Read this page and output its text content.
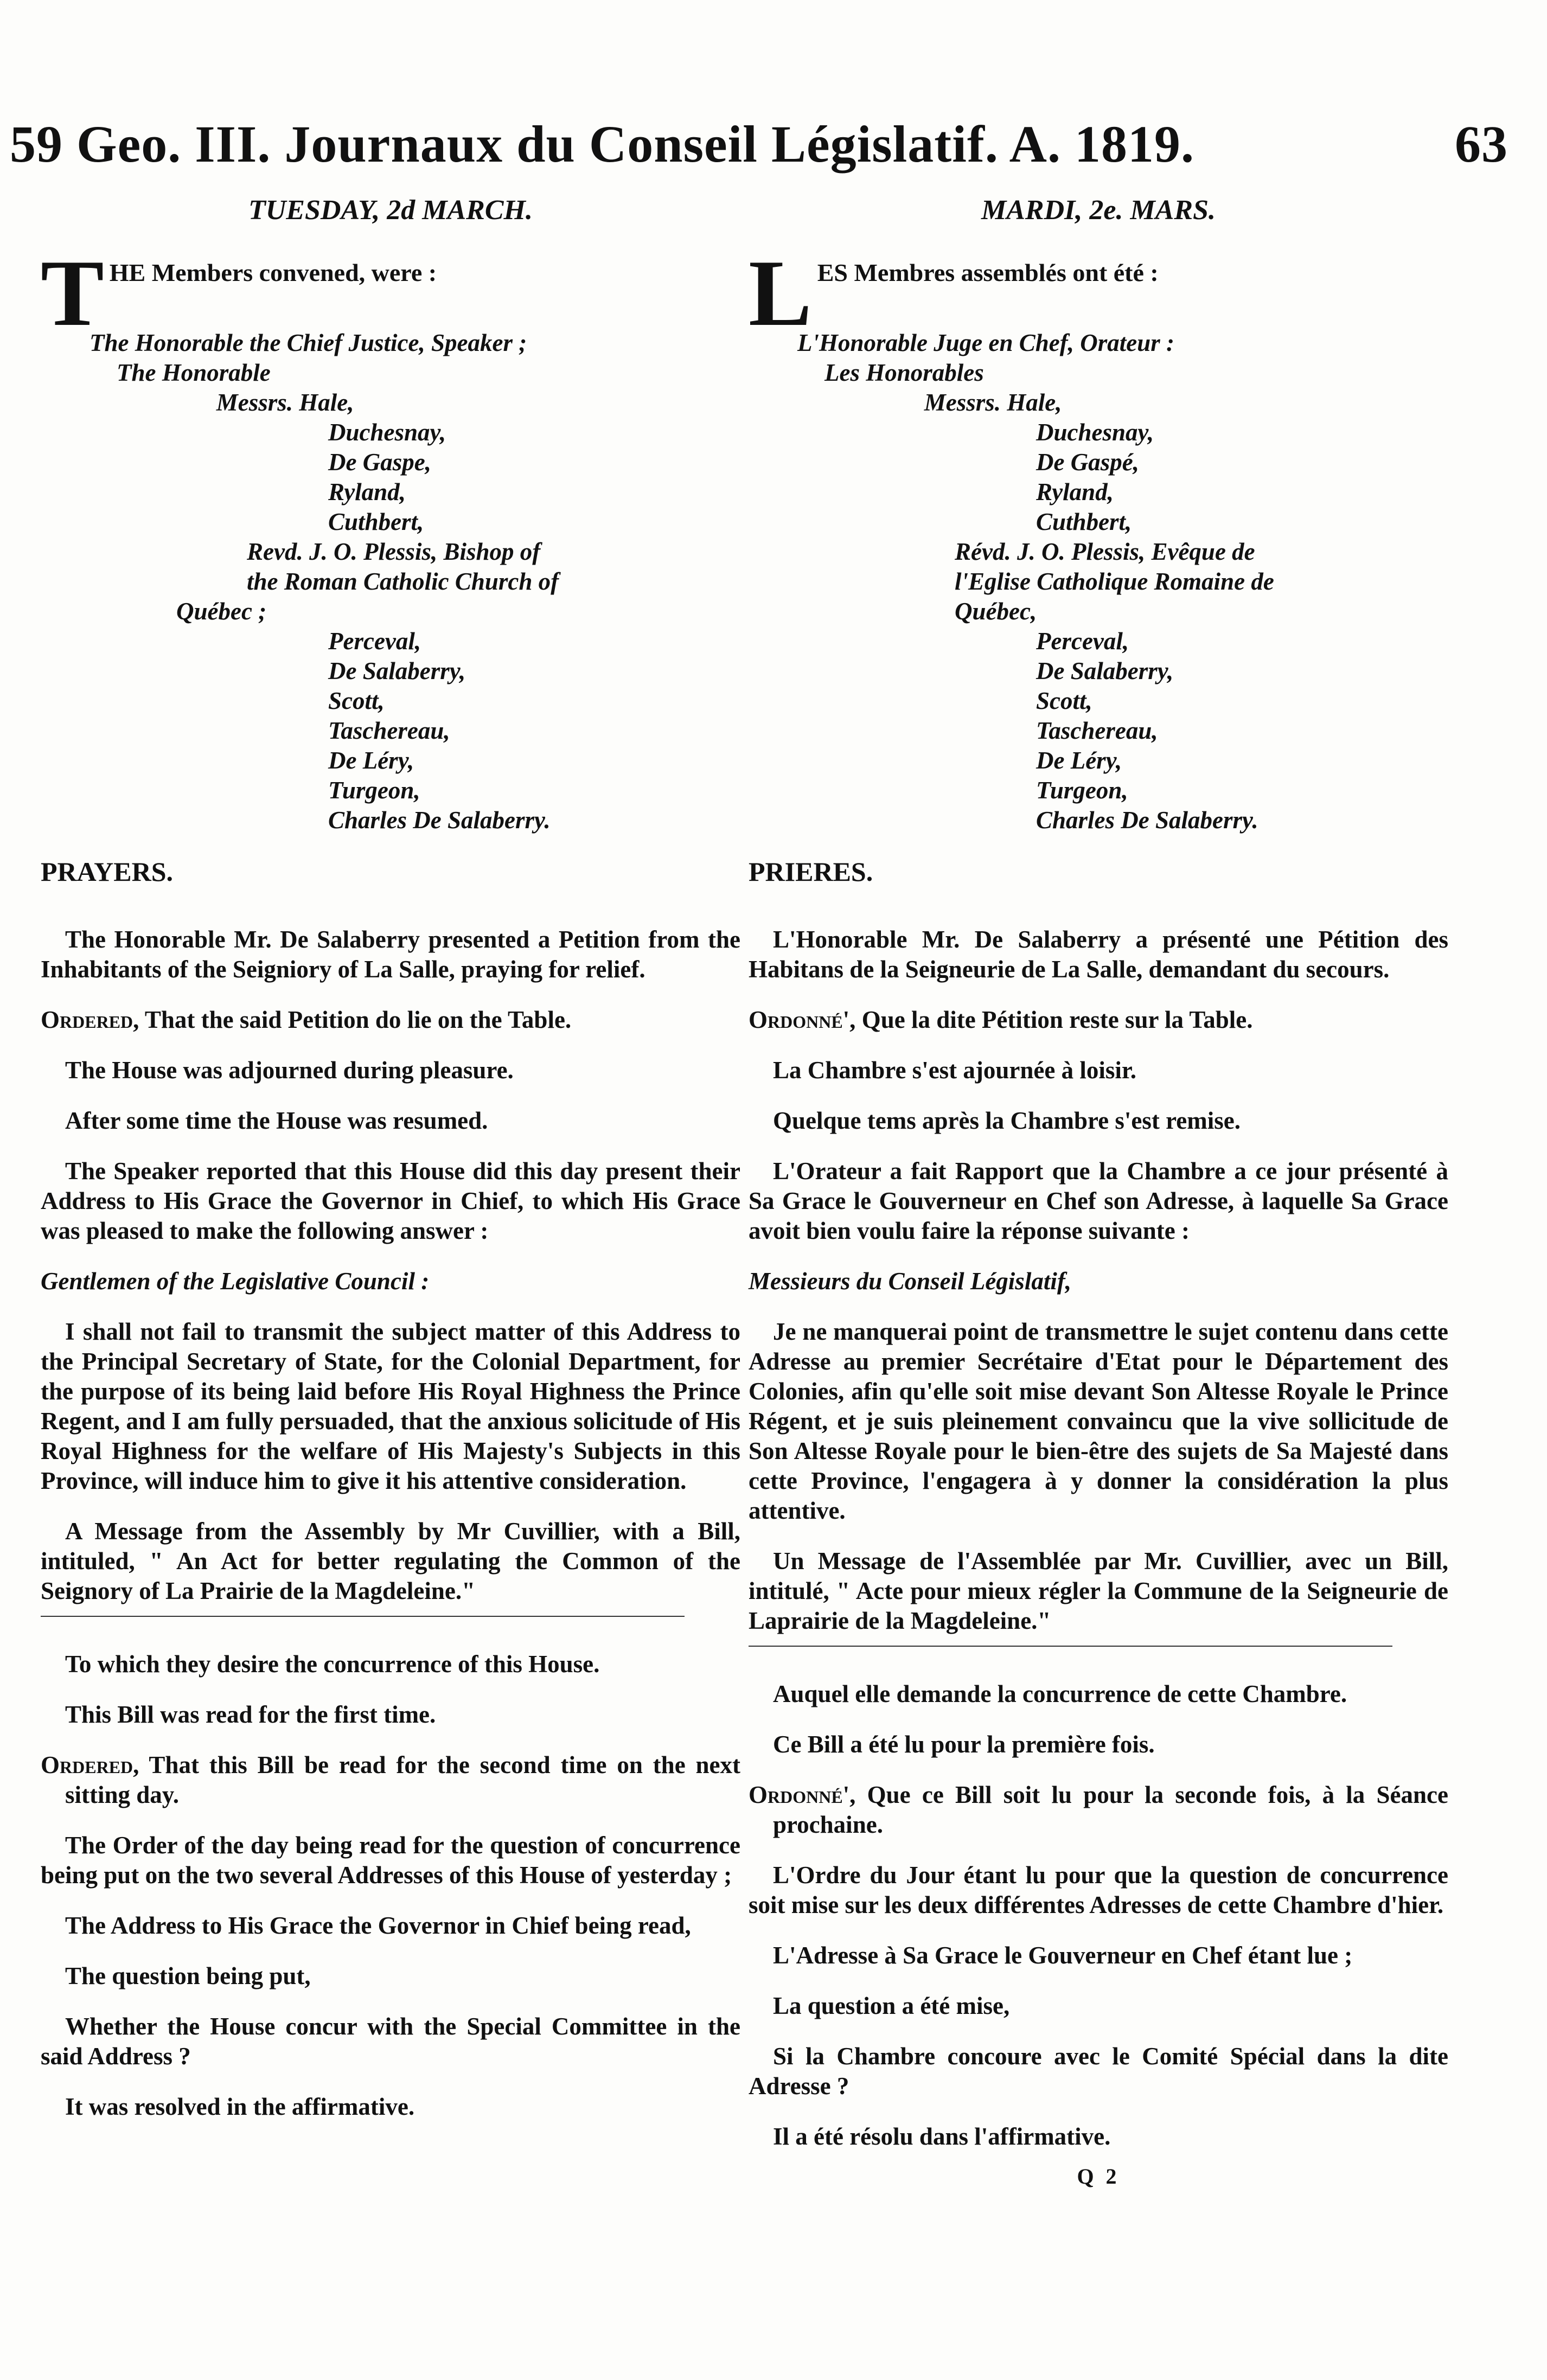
59 Geo. III. Journaux du Conseil Législatif. A. 1819.	63
TUESDAY, 2d MARCH.
THE Members convened, were :
The Honorable the Chief Justice, Speaker ;
The Honorable
Messrs. Hale,
Duchesnay,
De Gaspe,
Ryland,
Cuthbert,
Revd. J. O. Plessis, Bishop of
the Roman Catholic Church of
Québec ;
Perceval,
De Salaberry,
Scott,
Taschereau,
De Léry,
Turgeon,
Charles De Salaberry.
PRAYERS.

The Honorable Mr. De Salaberry presented a Petition from the Inhabitants of the Seigniory of La Salle, praying for relief.

Ordered, That the said Petition do lie on the Table.

The House was adjourned during pleasure.

After some time the House was resumed.

The Speaker reported that this House did this day present their Address to His Grace the Governor in Chief, to which His Grace was pleased to make the following answer :

Gentlemen of the Legislative Council :

I shall not fail to transmit the subject matter of this Address to the Principal Secretary of State, for the Colonial Department, for the purpose of its being laid before His Royal Highness the Prince Regent, and I am fully persuaded, that the anxious solicitude of His Royal Highness for the welfare of His Majesty's Subjects in this Province, will induce him to give it his attentive consideration.

A Message from the Assembly by Mr Cuvillier, with a Bill, intituled, " An Act for better regulating the Common of the Seignory of La Prairie de la Magdeleine."

To which they desire the concurrence of this House.

This Bill was read for the first time.

Ordered, That this Bill be read for the second time on the next sitting day.

The Order of the day being read for the question of concurrence being put on the two several Addresses of this House of yesterday ;

The Address to His Grace the Governor in Chief being read,

The question being put,

Whether the House concur with the Special Committee in the said Address ?

It was resolved in the affirmative.

MARDI, 2e. MARS.
LES Membres assemblés ont été :
L'Honorable Juge en Chef, Orateur :
Les Honorables
Messrs. Hale,
Duchesnay,
De Gaspé,
Ryland,
Cuthbert,
Révd. J. O. Plessis, Evêque de
l'Eglise Catholique Romaine de
Québec,
Perceval,
De Salaberry,
Scott,
Taschereau,
De Léry,
Turgeon,
Charles De Salaberry.
PRIERES.

L'Honorable Mr. De Salaberry a présenté une Pétition des Habitans de la Seigneurie de La Salle, demandant du secours.

Ordonné', Que la dite Pétition reste sur la Table.

La Chambre s'est ajournée à loisir.

Quelque tems après la Chambre s'est remise.

L'Orateur a fait Rapport que la Chambre a ce jour présenté à Sa Grace le Gouverneur en Chef son Adresse, à laquelle Sa Grace avoit bien voulu faire la réponse suivante :

Messieurs du Conseil Législatif,

Je ne manquerai point de transmettre le sujet contenu dans cette Adresse au premier Secrétaire d'Etat pour le Département des Colonies, afin qu'elle soit mise devant Son Altesse Royale le Prince Régent, et je suis pleinement convaincu que la vive sollicitude de Son Altesse Royale pour le bien-être des sujets de Sa Majesté dans cette Province, l'engagera à y donner la considération la plus attentive.

Un Message de l'Assemblée par Mr. Cuvillier, avec un Bill, intitulé, " Acte pour mieux régler la Commune de la Seigneurie de Laprairie de la Magdeleine."

Auquel elle demande la concurrence de cette Chambre.

Ce Bill a été lu pour la première fois.

Ordonné', Que ce Bill soit lu pour la seconde fois, à la Séance prochaine.

L'Ordre du Jour étant lu pour que la question de concurrence soit mise sur les deux différentes Adresses de cette Chambre d'hier.

L'Adresse à Sa Grace le Gouverneur en Chef étant lue ;

La question a été mise,

Si la Chambre concoure avec le Comité Spécial dans la dite Adresse ?

Il a été résolu dans l'affirmative.

Q 2
